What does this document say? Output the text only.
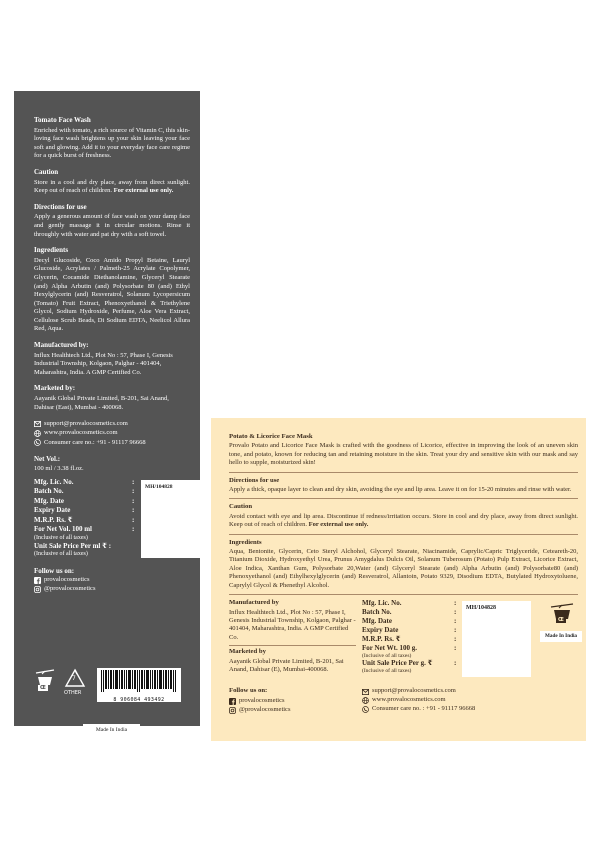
Tomato Face Wash
Enriched with tomato, a rich source of Vitamin C, this skin-loving face wash brightens up your skin leaving your face soft and glowing. Add it to your everyday face care regime for a quick burst of freshness.
Caution
Store in a cool and dry place, away from direct sunlight. Keep out of reach of children. For external use only.
Directions for use
Apply a generous amount of face wash on your damp face and gently massage it in circular motions. Rinse it throughly with water and pat dry with a soft towel.
Ingredients
Decyl Glucoside, Coco Amido Propyl Betaine, Lauryl Glucoside, Acrylates / Palmeth-25 Acrylate Copolymer, Glycerin, Cocamide Diethanolamine, Glyceryl Stearate (and) Alpha Arbutin (and) Polysorbate 80 (and) Ethyl Hexylglycerin (and) Resveratrol, Solanum Lycopersicum (Tomato) Fruit Extract, Phenoxyethanol & Triethylene Glycol, Sodium Hydroxide, Perfume, Aloe Vera Extract, Cellulose Scrub Beads, Di Sodium EDTA, Neelicol Allura Red, Aqua.
Manufactured by:
Influx Healthtech Ltd., Plot No : 57, Phase I, Genesis Industrial Township, Kolgaon, Palghar - 401404, Maharashtra, India. A GMP Certified Co.
Marketed by:
Aayanik Global Private Limited, B-201, Sai Anand, Dahisar (East), Mumbai - 400068.
support@provalocosmetics.com
www.provalocosmetics.com
Consumer care no.: +91 - 91117 96668
Net Vol.:
100 ml / 3.38 fl.oz.
Mfg. Lic. No.
Batch No.
Mfg. Date
Expiry Date
M.R.P. Rs. ₹
For Net Vol. 100 ml
(Inclusive of all taxes)
Unit Sale Price Per ml ₹ :
(Inclusive of all taxes)
:
:
:
:
:
:
MH/104828
Follow us on:
provalocosmetics
@provalocosmetics
Œ
7
OTHER
8 906084 493492
Made In India
Potato & Licorice Face Mask
Provalo Potato and Licorice Face Mask is crafted with the goodness of Licorice, effective in improving the look of an uneven skin tone, and potato, known for reducing tan and retaining moisture in the skin. Treat your dry and sensitive skin with our mask and say hello to supple, moisturized skin!
Directions for use
Apply a thick, opaque layer to clean and dry skin, avoiding the eye and lip area. Leave it on for 15-20 minutes and rinse with water.
Caution
Avoid contact with eye and lip area. Discontinue if redness/irritation occurs. Store in cool and dry place, away from direct sunlight. Keep out of reach of children. For external use only.
Ingredients
Aqua, Bentonite, Glycerin, Ceto Steryl Alchohol, Glyceryl Stearate, Niacinamide, Caprylic/Capric Triglyceride, Ceteareth-20, Titanium Dioxide, Hydroxyethyl Urea, Prunus Amygdalus Dulcis Oil, Solanum Tuberosum (Potato) Pulp Extract, Licorice Extract, Aloe Indica, Xanthan Gum, Polysorbate 20,Water (and) Glyceryl Stearate (and) Alpha Arbutin (and) Polysorbate80 (and) Phenoxyethanol (and) Ethylhexylglycerin (and) Resveratrol, Allantoin, Potato 9329, Disodium EDTA, Butylated Hydroxytoluene, Caprylyl Glycol & Phenethyl Alcohol.
Manufactured by
Influx Healthtech Ltd., Plot No : 57, Phase I, Genesis Industrial Township, Kolgaon, Palghar - 401404, Maharashtra, India. A GMP Certified Co.
Marketed by
Aayanik Global Private Limited, B-201, Sai Anand, Dahisar (E), Mumbai-400068.
Mfg. Lic. No.
Batch No.
Mfg. Date
Expiry Date
M.R.P. Rs. ₹
For Net Wt. 100 g.
(Inclusive of all taxes)
Unit Sale Price Per g. ₹
(Inclusive of all taxes)
:
:
:
:
:
:
:
MH/104828
Follow us on:
provalocosmetics
@provalocosmetics
support@provalocosmetics.com
www.provalocosmetics.com
Consumer care no. : +91 - 91117 96668
Œ
Made In India
